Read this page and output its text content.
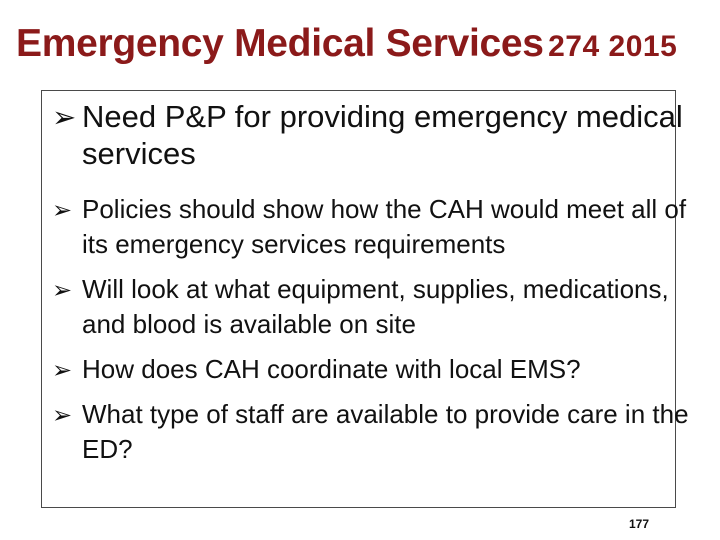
Emergency Medical Services 274 2015
➢ Need P&P for providing emergency medical services
➢ Policies should show how the CAH would meet all of its emergency services requirements
➢ Will look at what equipment, supplies, medications, and blood is available on site
➢ How does CAH coordinate with local EMS?
➢ What type of staff are available to provide care in the ED?
177
